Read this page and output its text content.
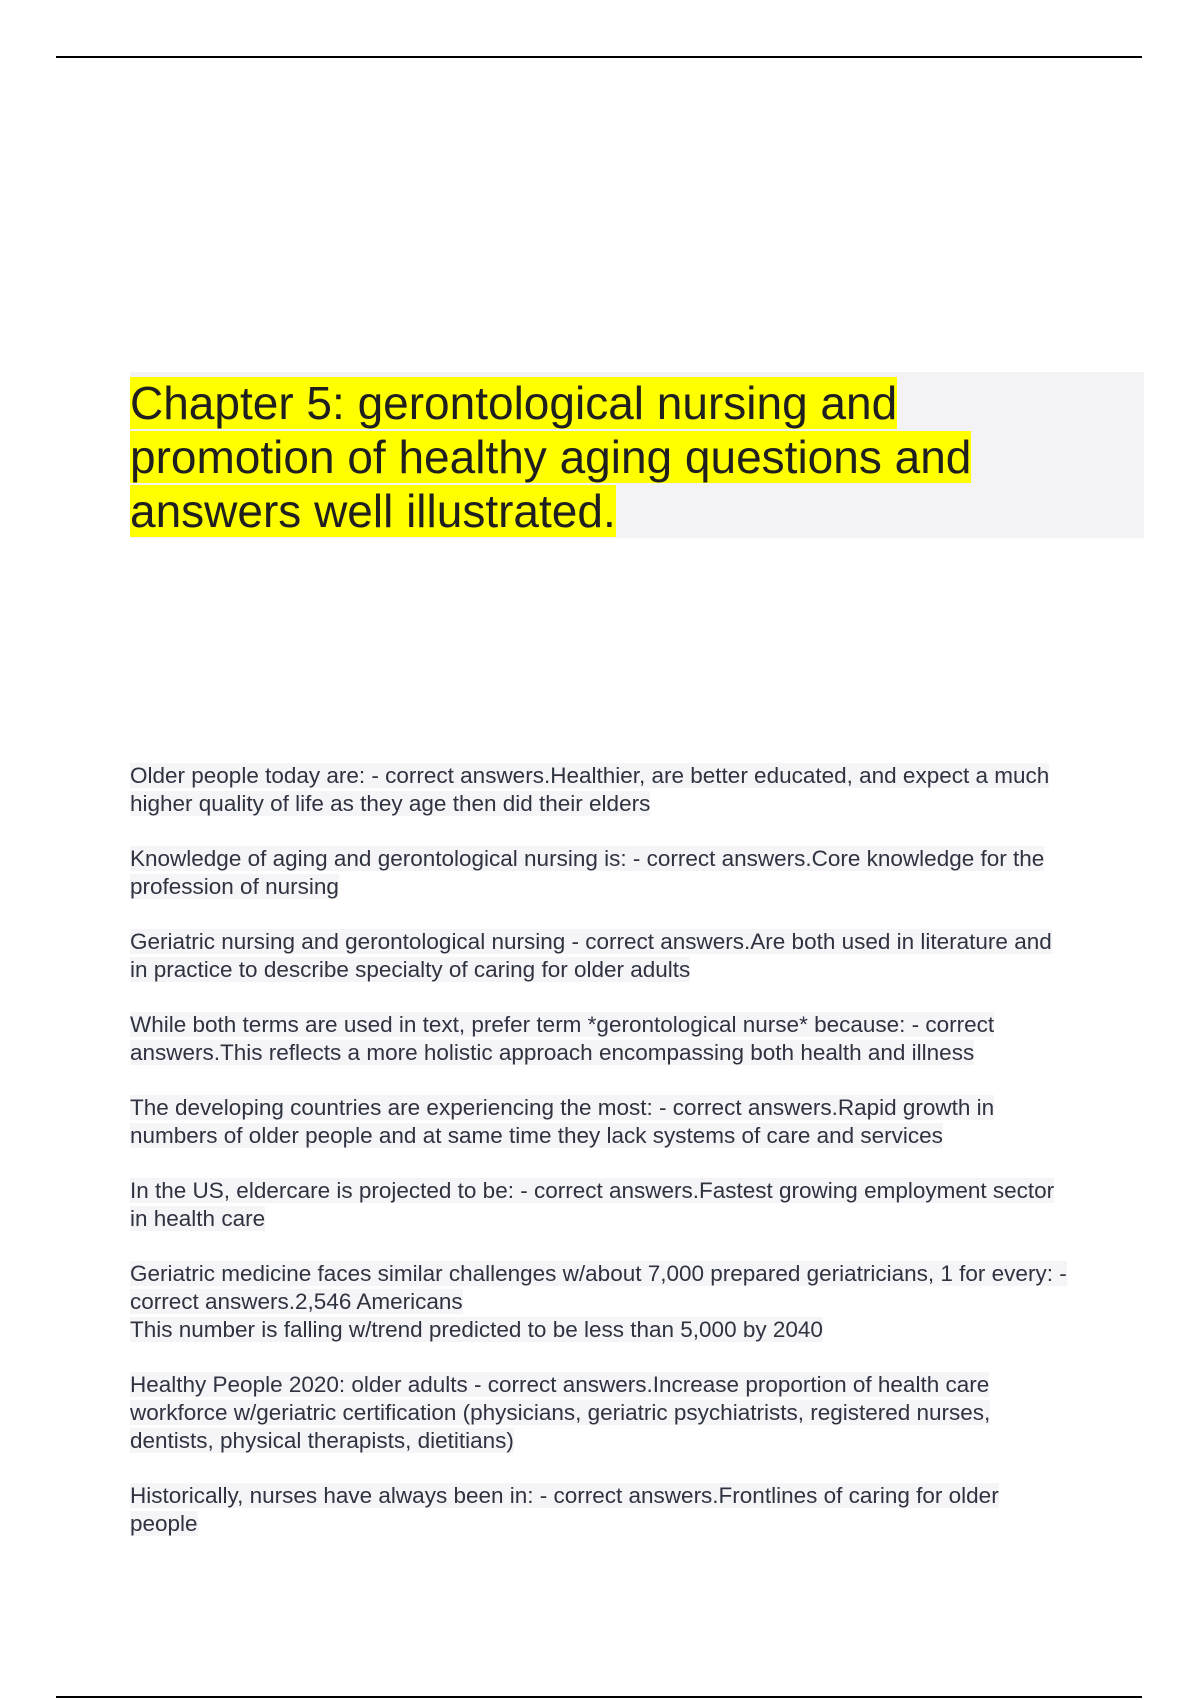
Chapter 5: gerontological nursing and promotion of healthy aging questions and answers well illustrated.
Older people today are: - correct answers.Healthier, are better educated, and expect a much
higher quality of life as they age then did their elders
Knowledge of aging and gerontological nursing is: - correct answers.Core knowledge for the
profession of nursing
Geriatric nursing and gerontological nursing - correct answers.Are both used in literature and
in practice to describe specialty of caring for older adults
While both terms are used in text, prefer term *gerontological nurse* because: - correct
answers.This reflects a more holistic approach encompassing both health and illness
The developing countries are experiencing the most: - correct answers.Rapid growth in
numbers of older people and at same time they lack systems of care and services
In the US, eldercare is projected to be: - correct answers.Fastest growing employment sector
in health care
Geriatric medicine faces similar challenges w/about 7,000 prepared geriatricians, 1 for every: -
correct answers.2,546 Americans
This number is falling w/trend predicted to be less than 5,000 by 2040
Healthy People 2020: older adults - correct answers.Increase proportion of health care
workforce w/geriatric certification (physicians, geriatric psychiatrists, registered nurses,
dentists, physical therapists, dietitians)
Historically, nurses have always been in: - correct answers.Frontlines of caring for older
people
